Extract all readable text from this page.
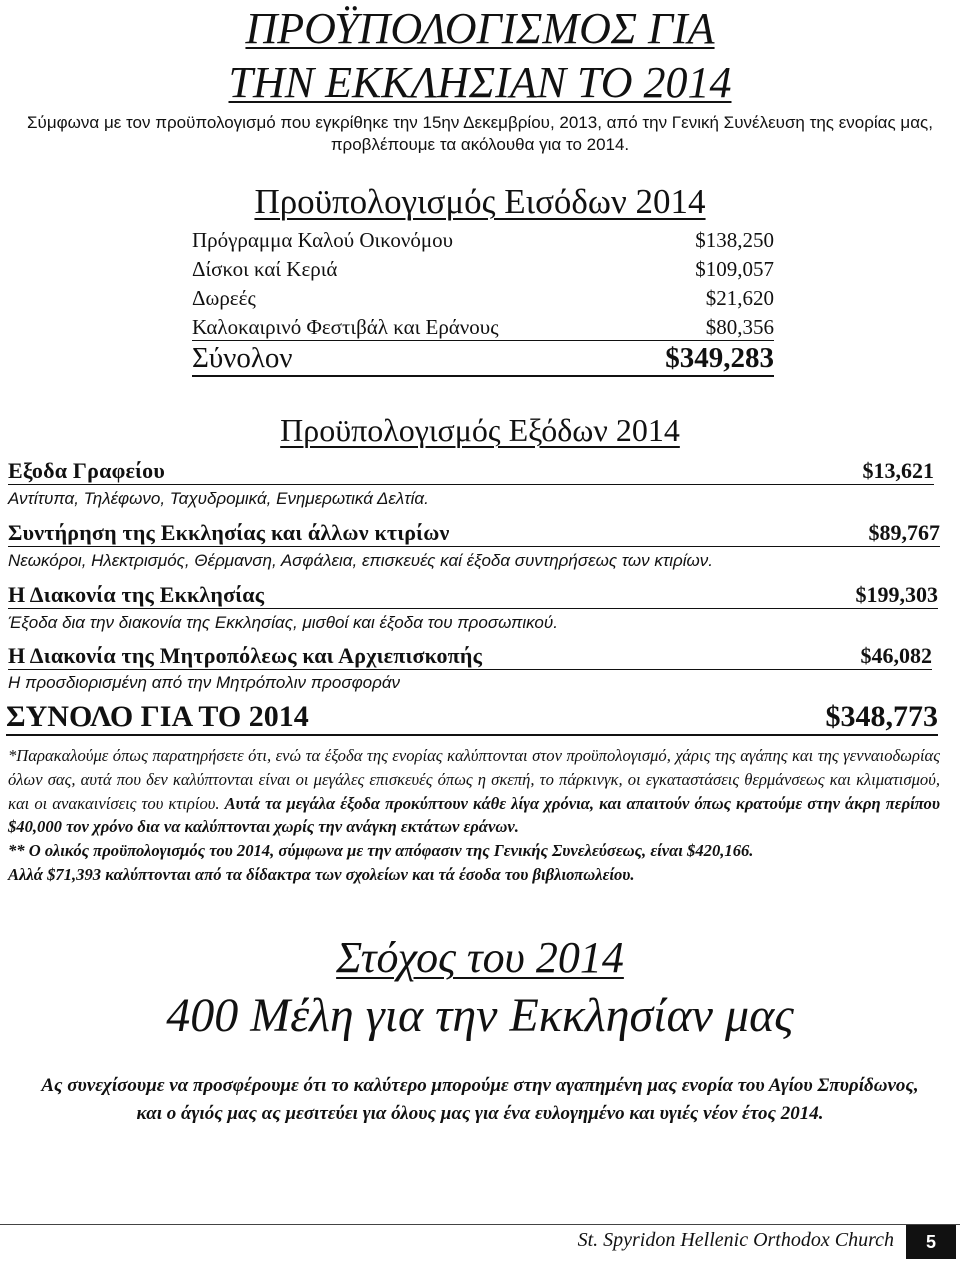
ΠΡΟΫΠΟΛΟΓΙΣΜΟΣ ΓΙΑ
ΤΗΝ ΕΚΚΛΗΣΙΑΝ ΤΟ 2014
Σύμφωνα με τον προϋπολογισμό που εγκρίθηκε την 15ην Δεκεμβρίου, 2013, από την Γενική Συνέλευση της ενορίας μας, προβλέπουμε τα ακόλουθα για το 2014.
Προϋπολογισμός Εισόδων 2014
Πρόγραμμα Καλού Οικονόμου	$138,250
Δίσκοι καί Κεριά	$109,057
Δωρεές	$21,620
Καλοκαιρινό Φεστιβάλ και Εράνους	$80,356
Σύνολον	$349,283
Προϋπολογισμός Εξόδων 2014
Εξοδα Γραφείου	$13,621
Αντίτυπα, Τηλέφωνο, Ταχυδρομικά, Ενημερωτικά Δελτία.
Συντήρηση της Εκκλησίας και άλλων κτιρίων	$89,767
Νεωκόροι, Ηλεκτρισμός, Θέρμανση, Ασφάλεια, επισκευές καί έξοδα συντηρήσεως των κτιρίων.
Η Διακονία της Εκκλησίας	$199,303
Έξοδα δια την διακονία της Εκκλησίας, μισθοί και έξοδα του προσωπικού.
Η Διακονία της Μητροπόλεως και Αρχιεπισκοπής	$46,082
Η προσδιορισμένη από την Μητρόπολιν προσφοράν
ΣΥΝΟΛΟ ΓΙΑ ΤΟ 2014	$348,773

*Παρακαλούμε όπως παρατηρήσετε ότι, ενώ τα έξοδα της ενορίας καλύπτονται στον προϋπολογισμό, χάρις της αγάπης και της γενναιοδωρίας όλων σας, αυτά που δεν καλύπτονται είναι οι μεγάλες επισκευές όπως η σκεπή, το πάρκινγκ, οι εγκαταστάσεις θερμάνσεως και κλιματισμού, και οι ανακαινίσεις του κτιρίου. Αυτά τα μεγάλα έξοδα προκύπτουν κάθε λίγα χρόνια, και απαιτούν όπως κρατούμε στην άκρη περίπου $40,000 τον χρόνο δια να καλύπτονται χωρίς την ανάγκη εκτάτων εράνων.

** Ο ολικός προϋπολογισμός του 2014, σύμφωνα με την απόφασιν της Γενικής Συνελεύσεως, είναι $420,166.

Αλλά $71,393 καλύπτονται από τα δίδακτρα των σχολείων και τά έσοδα του βιβλιοπωλείου.

Στόχος του 2014
400 Μέλη για την Εκκλησίαν μας
Ας συνεχίσουμε να προσφέρουμε ότι το καλύτερο μπορούμε στην αγαπημένη μας ενορία του Αγίου Σπυρίδωνος, και ο άγιός μας ας μεσιτεύει για όλους μας για ένα ευλογημένο και υγιές νέον έτος 2014.
St. Spyridon Hellenic Orthodox Church	5
